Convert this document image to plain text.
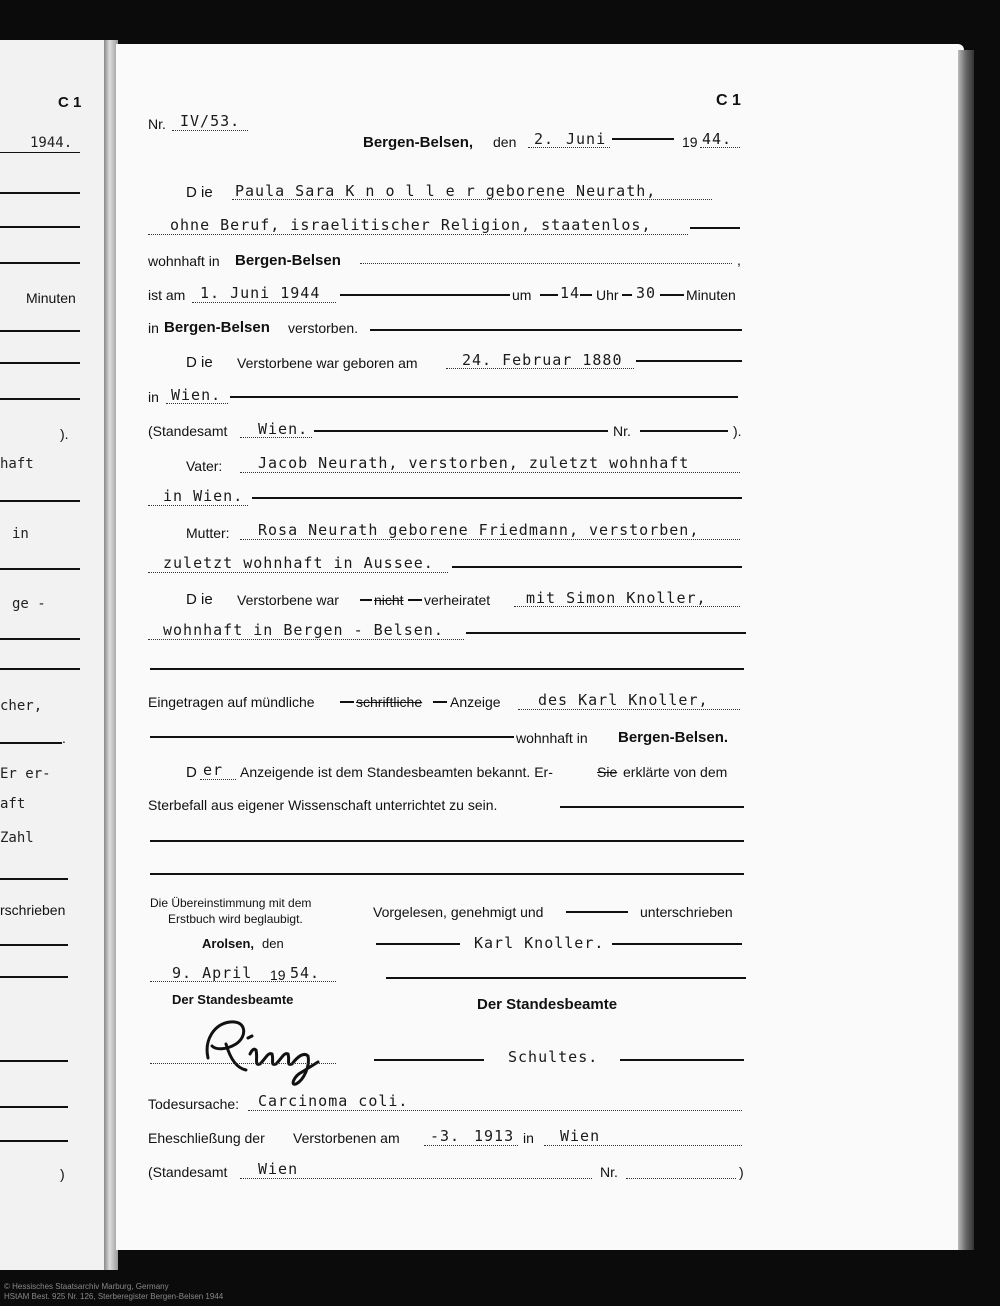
C 1
1944.
Minuten
).
haft
in
ge -
cher,
.
Er er-
aft
Zahl
rschrieben
)
C 1
Nr. IV/53.
Bergen-Belsen, den 2. Juni	19 44.
D ie Paula Sara K n o l l e r geborene Neurath,
ohne Beruf, israelitischer Religion, staatenlos,
wohnhaft in Bergen-Belsen	,
ist am 1. Juni 1944	um 14 Uhr 30 Minuten
in Bergen-Belsen verstorben.
D ie Verstorbene war geboren am	24. Februar 1880
in Wien.
(Standesamt Wien.	Nr.	).
Vater: Jacob Neurath, verstorben, zuletzt wohnhaft
in Wien.
Mutter: Rosa Neurath geborene Friedmann, verstorben,
zuletzt wohnhaft in Aussee.
D ie Verstorbene war	nicht verheiratet mit Simon Knoller,
wohnhaft in Bergen - Belsen.
Eingetragen auf mündliche	schriftliche Anzeige des Karl Knoller,
wohnhaft in Bergen-Belsen.
D er Anzeigende ist dem Standesbeamten bekannt. Er-	Sie erklärte von dem
Sterbefall aus eigener Wissenschaft unterrichtet zu sein.
Die Übereinstimmung mit dem
Erstbuch wird beglaubigt.
Arolsen, den
9. April 19 54.
Der Standesbeamte
Vorgelesen, genehmigt und	unterschrieben
Karl Knoller.
Der Standesbeamte
Schultes.
Todesursache: Carcinoma coli.
Eheschließung der Verstorbenen am -3. 1913 in Wien
(Standesamt Wien	Nr.	)
© Hessisches Staatsarchiv Marburg, Germany
HStAM Best. 925 Nr. 126, Sterberegister Bergen-Belsen 1944
